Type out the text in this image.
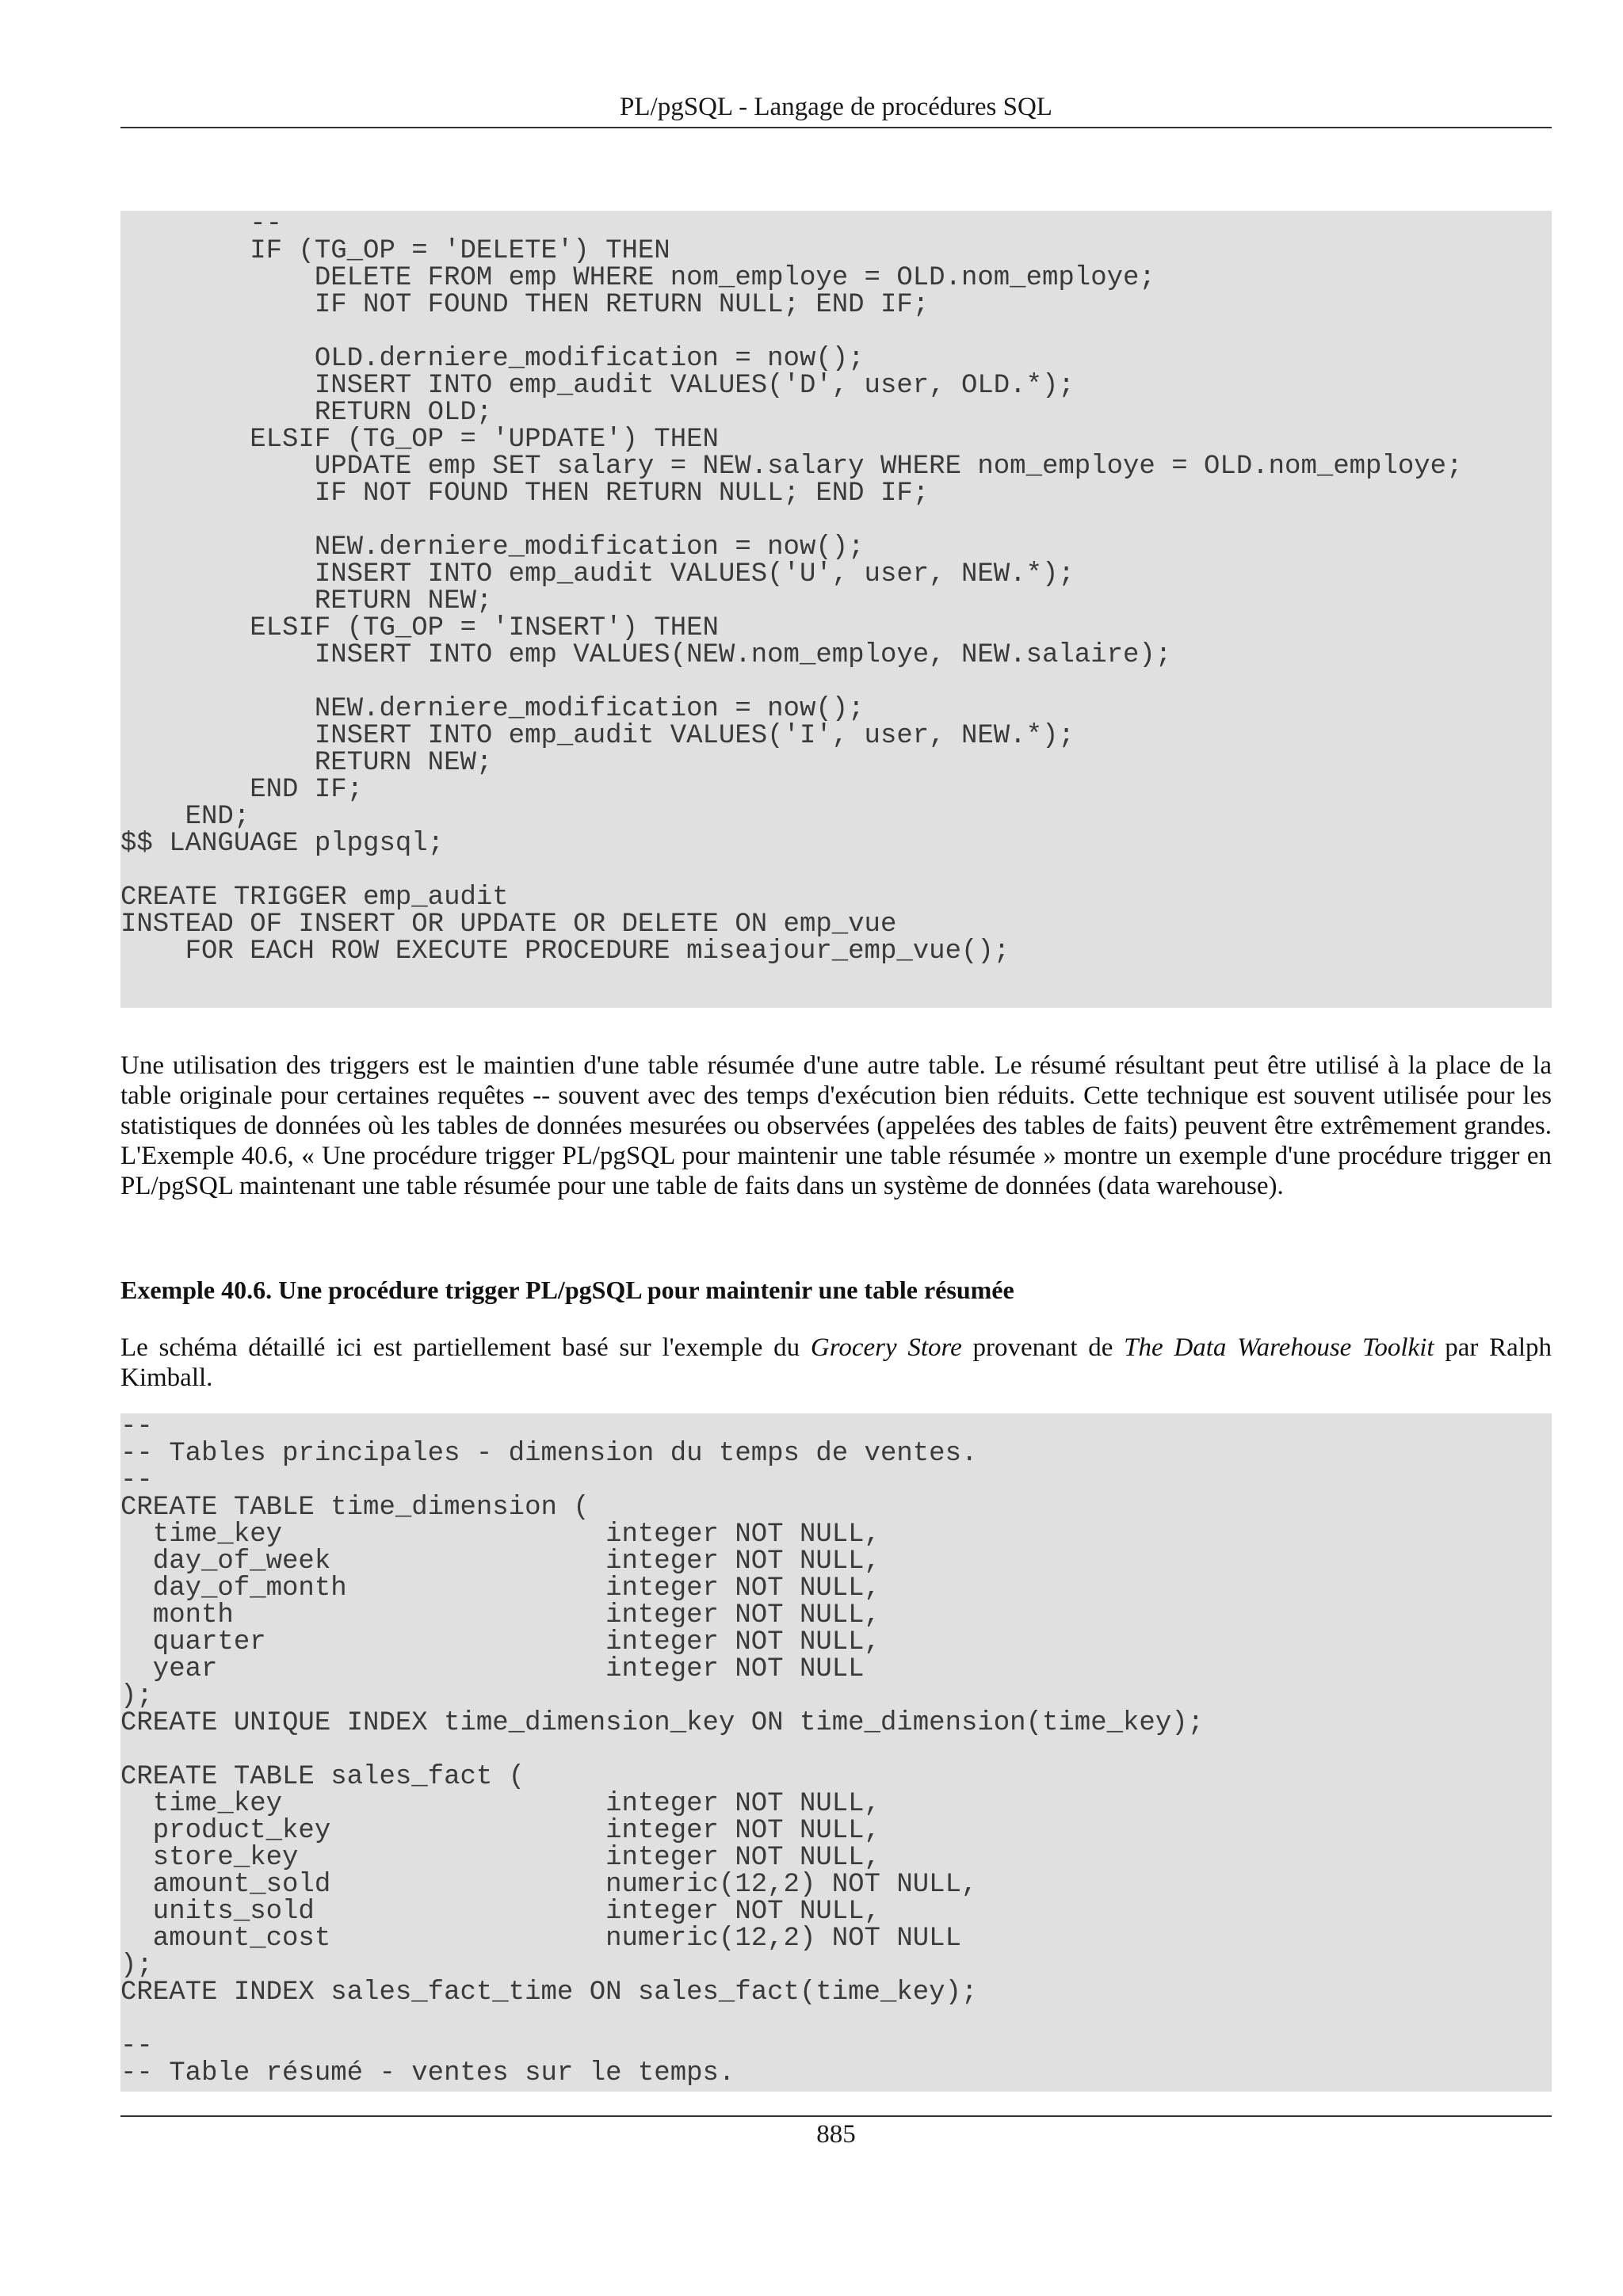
PL/pgSQL - Langage de procédures SQL
--
IF (TG_OP = 'DELETE') THEN
DELETE FROM emp WHERE nom_employe = OLD.nom_employe;
IF NOT FOUND THEN RETURN NULL; END IF;

OLD.derniere_modification = now();
INSERT INTO emp_audit VALUES('D', user, OLD.*);
RETURN OLD;
ELSIF (TG_OP = 'UPDATE') THEN
UPDATE emp SET salary = NEW.salary WHERE nom_employe = OLD.nom_employe;
IF NOT FOUND THEN RETURN NULL; END IF;

NEW.derniere_modification = now();
INSERT INTO emp_audit VALUES('U', user, NEW.*);
RETURN NEW;
ELSIF (TG_OP = 'INSERT') THEN
INSERT INTO emp VALUES(NEW.nom_employe, NEW.salaire);

NEW.derniere_modification = now();
INSERT INTO emp_audit VALUES('I', user, NEW.*);
RETURN NEW;
END IF;
END;
$$ LANGUAGE plpgsql;

CREATE TRIGGER emp_audit
INSTEAD OF INSERT OR UPDATE OR DELETE ON emp_vue
FOR EACH ROW EXECUTE PROCEDURE miseajour_emp_vue();

Une utilisation des triggers est le maintien d'une table résumée d'une autre table. Le résumé résultant peut être utilisé à la place de la table originale pour certaines requêtes -- souvent avec des temps d'exécution bien réduits. Cette technique est souvent utilisée pour les statistiques de données où les tables de données mesurées ou observées (appelées des tables de faits) peuvent être extrêmement grandes. L'Exemple 40.6, « Une procédure trigger PL/pgSQL pour maintenir une table résumée » montre un exemple d'une procédure trigger en PL/pgSQL maintenant une table résumée pour une table de faits dans un système de données (data warehouse).

Exemple 40.6. Une procédure trigger PL/pgSQL pour maintenir une table résumée

Le schéma détaillé ici est partiellement basé sur l'exemple du Grocery Store provenant de The Data Warehouse Toolkit par Ralph Kimball.

--
-- Tables principales - dimension du temps de ventes.
--
CREATE TABLE time_dimension (
time_key                    integer NOT NULL,
day_of_week                 integer NOT NULL,
day_of_month                integer NOT NULL,
month                       integer NOT NULL,
quarter                     integer NOT NULL,
year                        integer NOT NULL
);
CREATE UNIQUE INDEX time_dimension_key ON time_dimension(time_key);

CREATE TABLE sales_fact (
time_key                    integer NOT NULL,
product_key                 integer NOT NULL,
store_key                   integer NOT NULL,
amount_sold                 numeric(12,2) NOT NULL,
units_sold                  integer NOT NULL,
amount_cost                 numeric(12,2) NOT NULL
);
CREATE INDEX sales_fact_time ON sales_fact(time_key);

--
-- Table résumé - ventes sur le temps.
885
